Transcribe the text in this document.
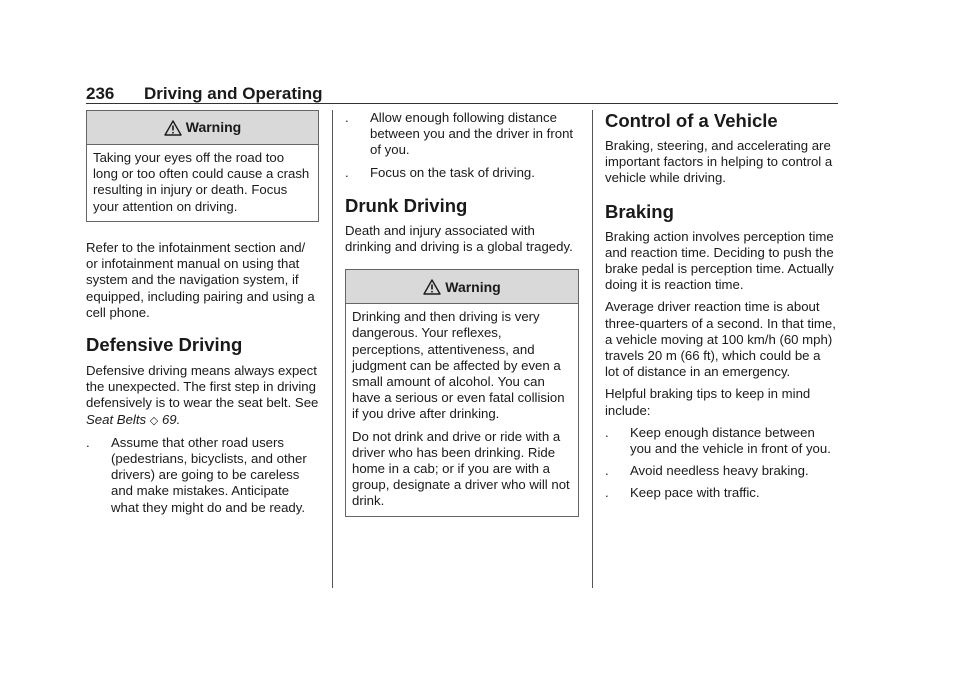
236 Driving and Operating
Warning

Taking your eyes off the road too long or too often could cause a crash resulting in injury or death. Focus your attention on driving.

Refer to the infotainment section and/ or infotainment manual on using that system and the navigation system, if equipped, including pairing and using a cell phone.

Defensive Driving

Defensive driving means always expect the unexpected. The first step in driving defensively is to wear the seat belt. See Seat Belts ◇ 69.

.	Assume that other road users (pedestrians, bicyclists, and other drivers) are going to be careless and make mistakes. Anticipate what they might do and be ready.
.	Allow enough following distance between you and the driver in front of you.
.	Focus on the task of driving.
Drunk Driving

Death and injury associated with drinking and driving is a global tragedy.

Warning

Drinking and then driving is very dangerous. Your reflexes, perceptions, attentiveness, and judgment can be affected by even a small amount of alcohol. You can have a serious or even fatal collision if you drive after drinking.

Do not drink and drive or ride with a driver who has been drinking. Ride home in a cab; or if you are with a group, designate a driver who will not drink.

Control of a Vehicle

Braking, steering, and accelerating are important factors in helping to control a vehicle while driving.

Braking

Braking action involves perception time and reaction time. Deciding to push the brake pedal is perception time. Actually doing it is reaction time.

Average driver reaction time is about three-quarters of a second. In that time, a vehicle moving at 100 km/h (60 mph) travels 20 m (66 ft), which could be a lot of distance in an emergency.

Helpful braking tips to keep in mind include:

.	Keep enough distance between you and the vehicle in front of you.
.	Avoid needless heavy braking.
.	Keep pace with traffic.
